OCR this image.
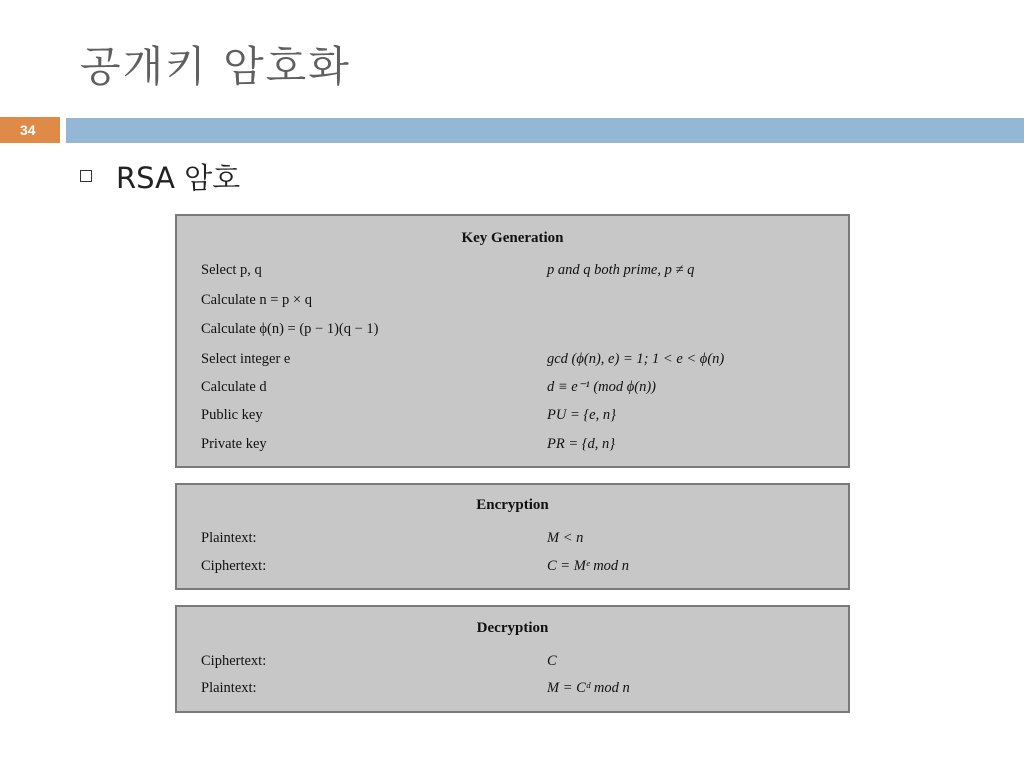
공개키 암호화
34
RSA 암호
Key Generation
Select p, q	p and q both prime, p ≠ q
Calculate n = p × q
Calculate ϕ(n) = (p − 1)(q − 1)
Select integer e	gcd (ϕ(n), e) = 1; 1 < e < ϕ(n)
Calculate d	d ≡ e⁻¹ (mod ϕ(n))
Public key	PU = {e, n}
Private key	PR = {d, n}
Encryption
Plaintext:	M < n
Ciphertext:	C = Mᵉ mod n
Decryption
Ciphertext:	C
Plaintext:	M = Cᵈ mod n
